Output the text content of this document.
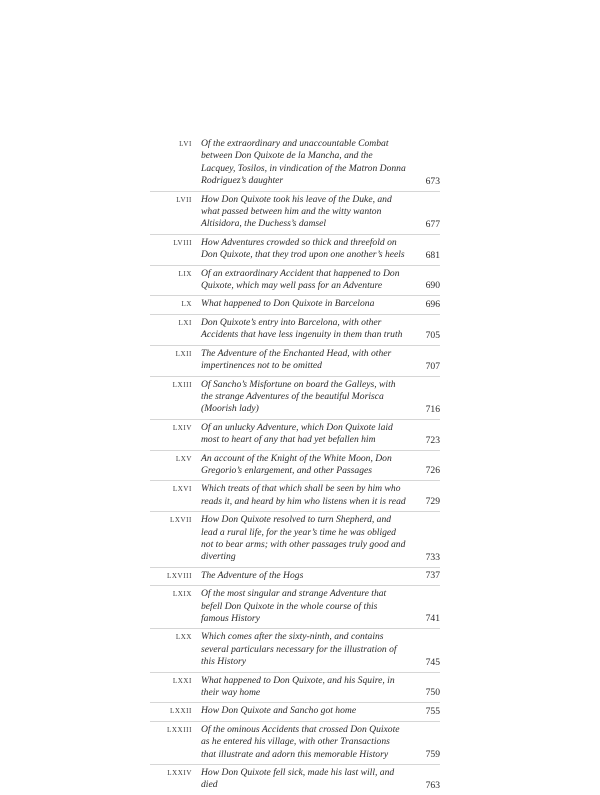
LVI Of the extraordinary and unaccountable Combat between Don Quixote de la Mancha, and the Lacquey, Tosilos, in vindication of the Matron Donna Rodriguez’s daughter	673
LVII How Don Quixote took his leave of the Duke, and what passed between him and the witty wanton Altisidora, the Duchess’s damsel	677
LVIII How Adventures crowded so thick and threefold on Don Quixote, that they trod upon one another’s heels 681
LIX Of an extraordinary Accident that happened to Don Quixote, which may well pass for an Adventure	690
LX What happened to Don Quixote in Barcelona	696
LXI Don Quixote’s entry into Barcelona, with other Accidents that have less ingenuity in them than truth	705
LXII The Adventure of the Enchanted Head, with other impertinences not to be omitted	707
LXIII Of Sancho’s Misfortune on board the Galleys, with the strange Adventures of the beautiful Morisca (Moorish lady)	716
LXIV Of an unlucky Adventure, which Don Quixote laid most to heart of any that had yet befallen him	723
LXV An account of the Knight of the White Moon, Don Gregorio’s enlargement, and other Passages	726
LXVI Which treats of that which shall be seen by him who reads it, and heard by him who listens when it is read 729
LXVII How Don Quixote resolved to turn Shepherd, and lead a rural life, for the year’s time he was obliged not to bear arms; with other passages truly good and diverting	733
LXVIII The Adventure of the Hogs	737
LXIX Of the most singular and strange Adventure that befell Don Quixote in the whole course of this famous History	741
LXX Which comes after the sixty-ninth, and contains several particulars necessary for the illustration of this History	745
LXXI What happened to Don Quixote, and his Squire, in their way home	750
LXXII How Don Quixote and Sancho got home	755
LXXIII Of the ominous Accidents that crossed Don Quixote as he entered his village, with other Transactions that illustrate and adorn this memorable History	759
LXXIV How Don Quixote fell sick, made his last will, and died	763
